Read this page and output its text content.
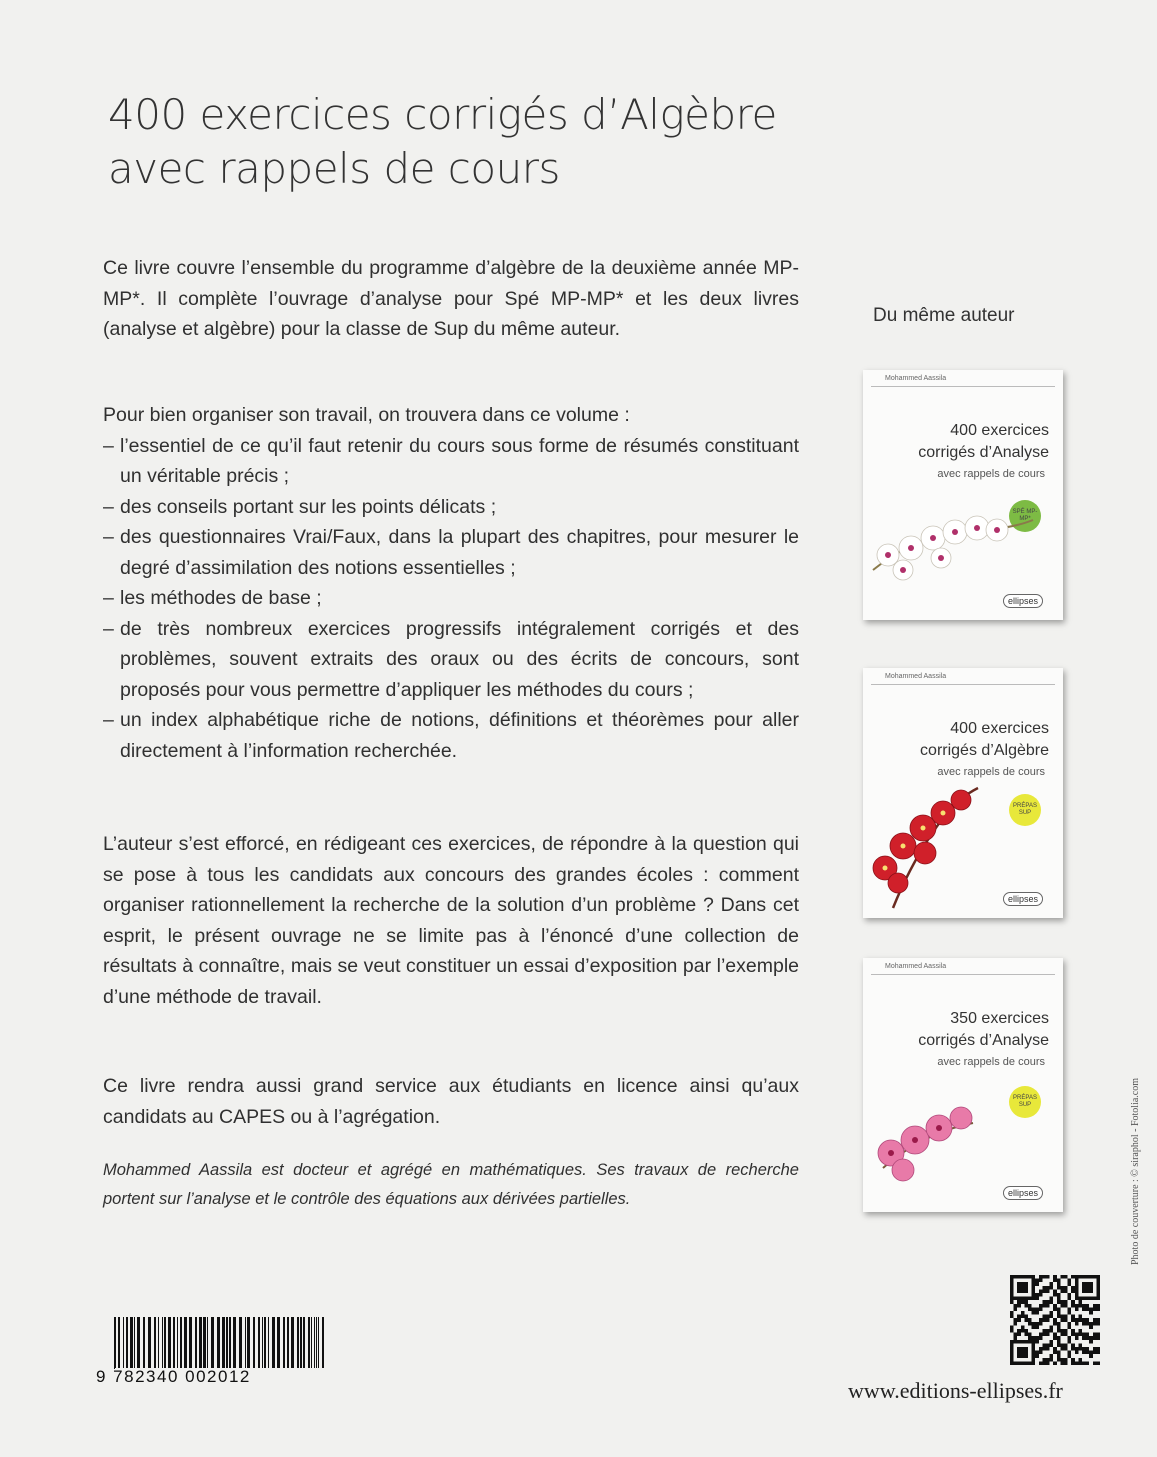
400 exercices corrigés d’Algèbre
avec rappels de cours
Ce livre couvre l’ensemble du programme d’algèbre de la deuxième année MP-MP*. Il complète l’ouvrage d’analyse pour Spé MP-MP* et les deux livres (analyse et algèbre) pour la classe de Sup du même auteur.
Pour bien organiser son travail, on trouvera dans ce volume :
– l’essentiel de ce qu’il faut retenir du cours sous forme de résumés constituant un véritable précis ;
– des conseils portant sur les points délicats ;
– des questionnaires Vrai/Faux, dans la plupart des chapitres, pour mesurer le degré d’assimilation des notions essentielles ;
– les méthodes de base ;
– de très nombreux exercices progressifs intégralement corrigés et des problèmes, souvent extraits des oraux ou des écrits de concours, sont proposés pour vous permettre d’appliquer les méthodes du cours ;
– un index alphabétique riche de notions, définitions et théorèmes pour aller directement à l’information recherchée.
L’auteur s’est efforcé, en rédigeant ces exercices, de répondre à la question qui se pose à tous les candidats aux concours des grandes écoles : comment organiser rationnellement la recherche de la solution d’un problème ? Dans cet esprit, le présent ouvrage ne se limite pas à l’énoncé d’une collection de résultats à connaître, mais se veut constituer un essai d’exposition par l’exemple d’une méthode de travail.
Ce livre rendra aussi grand service aux étudiants en licence ainsi qu’aux candidats au CAPES ou à l’agrégation.
Mohammed Aassila est docteur et agrégé en mathématiques. Ses travaux de recherche portent sur l’analyse et le contrôle des équations aux dérivées partielles.
Du même auteur
Mohammed Aassila
400 exercices
corrigés d’Analyse
avec rappels de cours
SPÉ MP-MP*
ellipses
Mohammed Aassila
400 exercices
corrigés d’Algèbre
avec rappels de cours
PRÉPAS SUP
ellipses
Mohammed Aassila
350 exercices
corrigés d’Analyse
avec rappels de cours
PRÉPAS SUP
ellipses
9 782340 002012
www.editions-ellipses.fr
Photo de couverture : © siraphol - Fotolia.com
